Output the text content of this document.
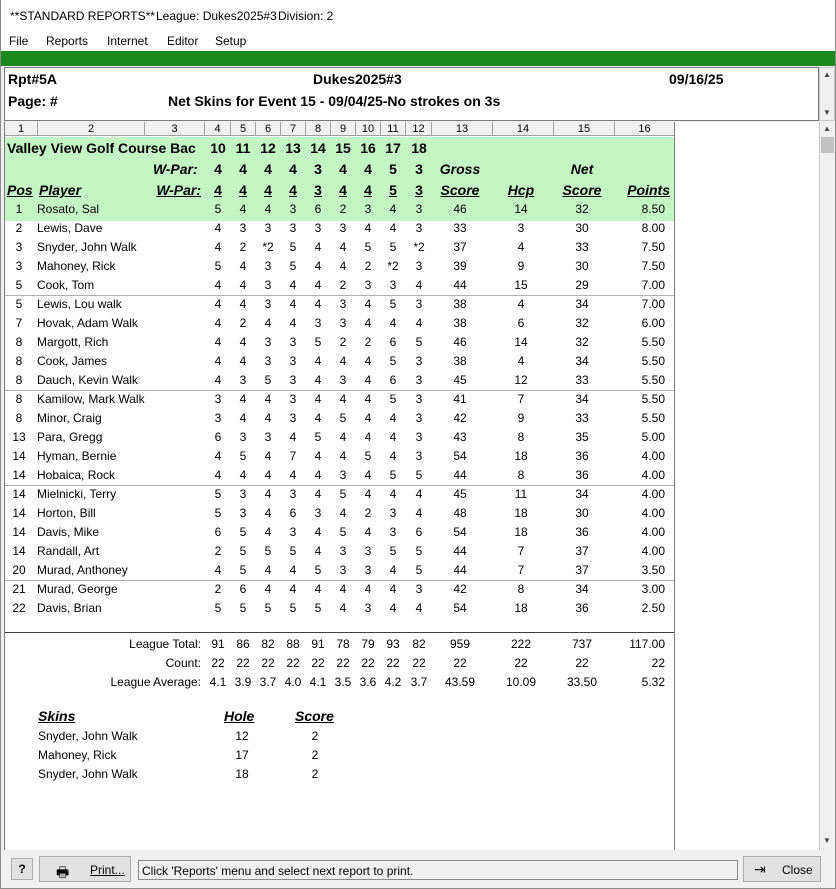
**STANDARD REPORTS** League: Dukes2025#3 Division: 2
File Reports Internet Editor Setup
Rpt#5A
Page: #
Dukes2025#3	09/16/25
Net Skins for Event 15 - 09/04/25-No strokes on 3s
▲
▼
1	2	3	4	5	6	7	8	9	10	11	12	13	14	15	16
Valley View Golf Course Bac 10 11 12 13 14 15 16 17 18
W-Par:	4	4	4	4	3	4	4	5	3	Gross	Net
Pos Player	W-Par: 4	4	4	4	3	4	4	5	3	Score	Hcp	Score	Points
1	Rosato, Sal	5	4	4	3	6	2	3	4	3	46	14	32	8.50
2	Lewis, Dave	4	3	3	3	3	3	4	4	3	33	3	30	8.00
3	Snyder, John Walk	4	2	*2	5	4	4	5	5	*2	37	4	33	7.50
3	Mahoney, Rick	5	4	3	5	4	4	2	*2	3	39	9	30	7.50
5	Cook, Tom	4	4	3	4	4	2	3	3	4	44	15	29	7.00
5	Lewis, Lou walk	4	4	3	4	4	3	4	5	3	38	4	34	7.00
7	Hovak, Adam Walk	4	2	4	4	3	3	4	4	4	38	6	32	6.00
8	Margott, Rich	4	4	3	3	5	2	2	6	5	46	14	32	5.50
8	Cook, James	4	4	3	3	4	4	4	5	3	38	4	34	5.50
8	Dauch, Kevin Walk	4	3	5	3	4	3	4	6	3	45	12	33	5.50
8	Kamilow, Mark Walk	3	4	4	3	4	4	4	5	3	41	7	34	5.50
8	Minor, Craig	3	4	4	3	4	5	4	4	3	42	9	33	5.50
13 Para, Gregg	6	3	3	4	5	4	4	4	3	43	8	35	5.00
14 Hyman, Bernie	4	5	4	7	4	4	5	4	3	54	18	36	4.00
14 Hobaica, Rock	4	4	4	4	4	3	4	5	5	44	8	36	4.00
14 Mielnicki, Terry	5	3	4	3	4	5	4	4	4	45	11	34	4.00
14 Horton, Bill	5	3	4	6	3	4	2	3	4	48	18	30	4.00
14 Davis, Mike	6	5	4	3	4	5	4	3	6	54	18	36	4.00
14 Randall, Art	2	5	5	5	4	3	3	5	5	44	7	37	4.00
20 Murad, Anthoney	4	5	4	4	5	3	3	4	5	44	7	37	3.50
21 Murad, George	2	6	4	4	4	4	4	4	3	42	8	34	3.00
22 Davis, Brian	5	5	5	5	5	4	3	4	4	54	18	36	2.50
League Total: 91 86 82 88 91 78 79 93	82	959	222	737	117.00
Count: 22 22 22 22 22 22 22 22	22	22	22	22	22
League Average: 4.1 3.9 3.7 4.0 4.1 3.5 3.6 4.2 3.7	43.59	10.09	33.50	5.32
Skins	Hole	Score
Snyder, John Walk	12	2
Mahoney, Rick	17	2
Snyder, John Walk	18	2
▲
▼
?	🖶 Print...	⇥ Close
Click 'Reports' menu and select next report to print.
